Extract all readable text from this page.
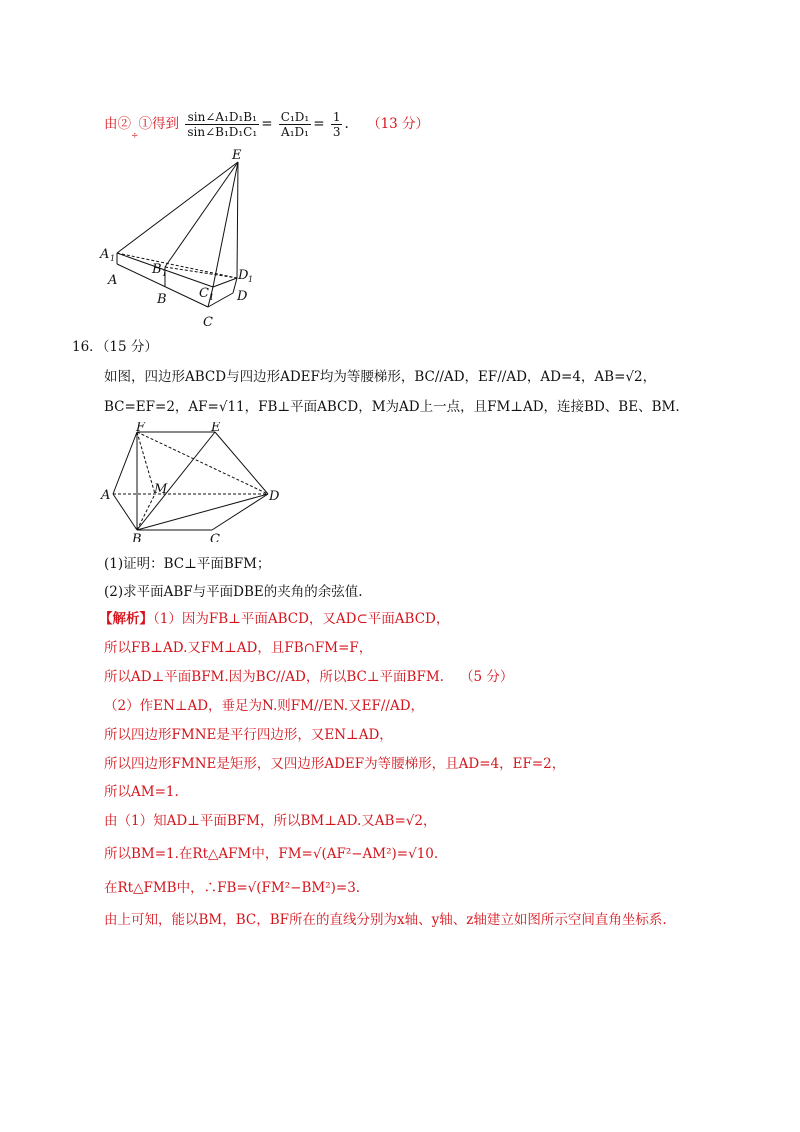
由$②_\div ①$得到 $\frac{\text{sin∠A₁D₁B₁}}{\text{sin∠B₁D₁C₁}} = \frac{\text{C₁D₁}}{\text{A₁D₁}} = \frac{1}{3}$ . （13 分）
E
A 1
A
B 1
B C 1
C
D 1
D
16．（15 分）
如图，四边形ABCD与四边形ADEF均为等腰梯形，BC//AD，EF//AD，AD=4，AB=√2，
BC=EF=2，AF=√11，FB⊥平面ABCD，M为AD上一点，且FM⊥AD，连接BD、BE、BM.
F	E
A	M	D
B	C
(1)证明：BC⊥平面BFM；
(2)求平面ABF与平面DBE的夹角的余弦值.
【解析】（1）因为FB⊥平面ABCD，又AD⊂平面ABCD，
所以FB⊥AD.又FM⊥AD，且FB∩FM=F，
所以AD⊥平面BFM.因为BC//AD，所以BC⊥平面BFM. （5 分）
（2）作EN⊥AD，垂足为N.则FM//EN.又EF//AD，
所以四边形FMNE是平行四边形，又EN⊥AD，
所以四边形FMNE是矩形，又四边形ADEF为等腰梯形，且AD=4，EF=2，
所以AM=1.
由（1）知AD⊥平面BFM，所以BM⊥AD.又AB=√2，
所以BM=1.在Rt△AFM中，FM=√(AF²−AM²)=√10.
在Rt△FMB中，∴FB=√(FM²−BM²)=3.
由上可知，能以BM，BC，BF所在的直线分别为x轴、y轴、z轴建立如图所示空间直角坐标系.
